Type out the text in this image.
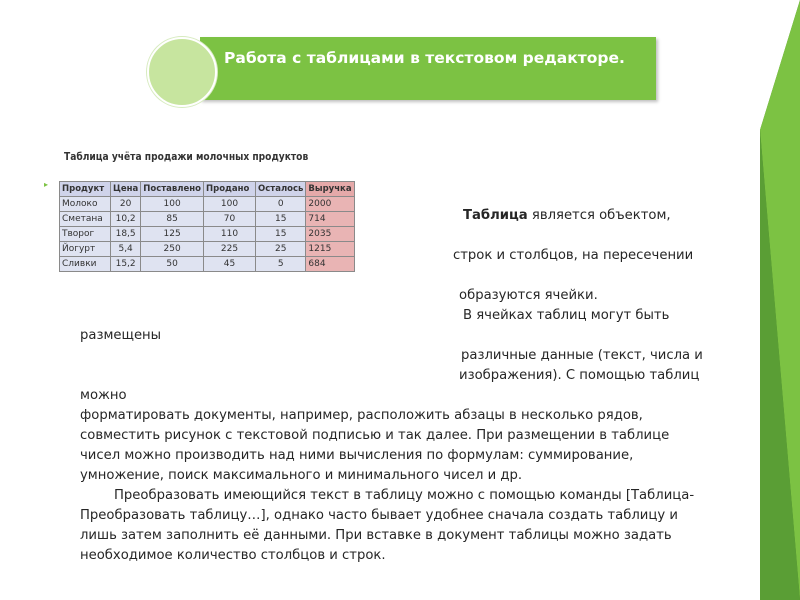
Работа с таблицами в текстовом редакторе.
Таблица учёта продажи молочных продуктов
▸ Продукт	Цена	Поставлено	Продано	Осталось	Выручка
Молоко	20	100	100	0	2000
Сметана	10,2	85	70	15	714
Творог	18,5	125	110	15	2035
Йогурт	5,4	250	225	25	1215
Сливки	15,2	50	45	5	684
Таблица является объектом,
строк и столбцов, на пересечении
образуются ячейки.
В ячейках таблиц могут быть
размещены
различные данные (текст, числа и
изображения). С помощью таблиц
можно
форматировать документы, например, расположить абзацы в несколько рядов,
совместить рисунок с текстовой подписью и так далее. При размещении в таблице
чисел можно производить над ними вычисления по формулам: суммирование,
умножение, поиск максимального и минимального чисел и др.
Преобразовать имеющийся текст в таблицу можно с помощью команды [Таблица-
Преобразовать таблицу…], однако часто бывает удобнее сначала создать таблицу и
лишь затем заполнить её данными. При вставке в документ таблицы можно задать
необходимое количество столбцов и строк.
